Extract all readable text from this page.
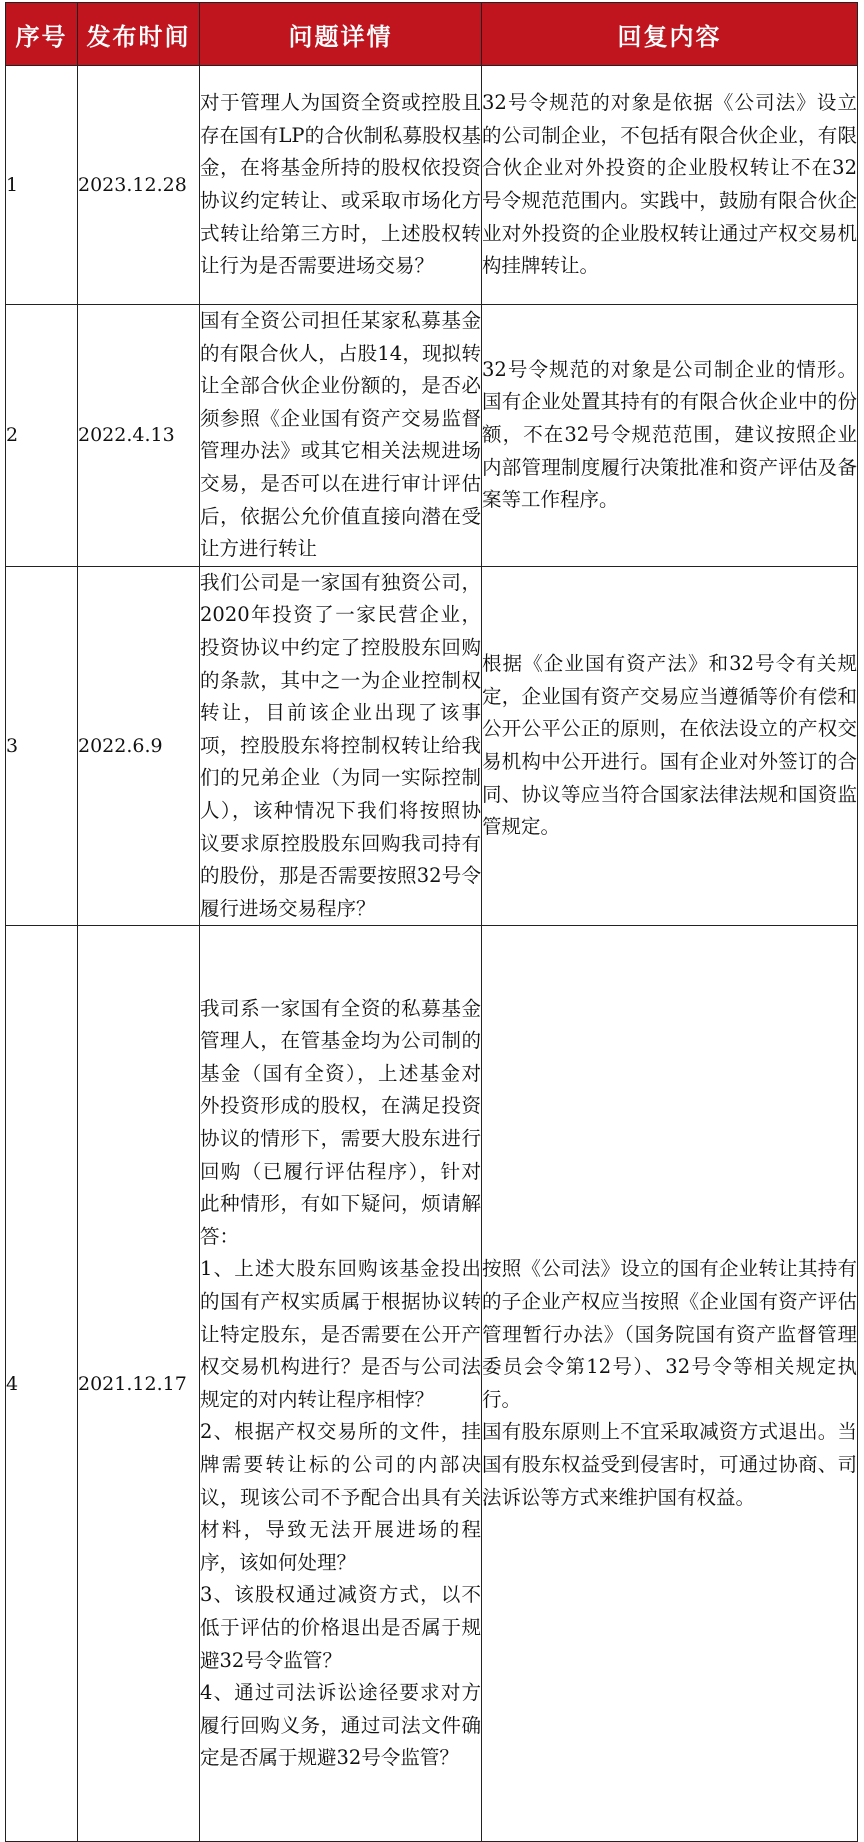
序号	发布时间	问题详情	回复内容
1	2023.12.28	对于管理人为国资全资或控股且存在国有LP的合伙制私募股权基金，在将基金所持的股权依投资协议约定转让、或采取市场化方式转让给第三方时，上述股权转让行为是否需要进场交易？	32号令规范的对象是依据《公司法》设立的公司制企业，不包括有限合伙企业，有限合伙企业对外投资的企业股权转让不在32号令规范范围内。实践中，鼓励有限合伙企业对外投资的企业股权转让通过产权交易机构挂牌转让。

2	2022.4.13	国有全资公司担任某家私募基金的有限合伙人，占股14，现拟转让全部合伙企业份额的，是否必须参照《企业国有资产交易监督管理办法》或其它相关法规进场交易，是否可以在进行审计评估后，依据公允价值直接向潜在受让方进行转让	32号令规范的对象是公司制企业的情形。国有企业处置其持有的有限合伙企业中的份额，不在32号令规范范围，建议按照企业内部管理制度履行决策批准和资产评估及备案等工作程序。

3	2022.6.9	我们公司是一家国有独资公司，2020年投资了一家民营企业，投资协议中约定了控股股东回购的条款，其中之一为企业控制权转让，目前该企业出现了该事项，控股股东将控制权转让给我们的兄弟企业（为同一实际控制人），该种情况下我们将按照协议要求原控股股东回购我司持有的股份，那是否需要按照32号令履行进场交易程序？	根据《企业国有资产法》和32号令有关规定，企业国有资产交易应当遵循等价有偿和公开公平公正的原则，在依法设立的产权交易机构中公开进行。国有企业对外签订的合同、协议等应当符合国家法律法规和国资监管规定。

4	2021.12.17	我司系一家国有全资的私募基金管理人，在管基金均为公司制的基金（国有全资），上述基金对外投资形成的股权，在满足投资协议的情形下，需要大股东进行回购（已履行评估程序），针对此种情形，有如下疑问，烦请解答：
1、上述大股东回购该基金投出的国有产权实质属于根据协议转让特定股东，是否需要在公开产权交易机构进行？是否与公司法规定的对内转让程序相悖？
2、根据产权交易所的文件，挂牌需要转让标的公司的内部决议，现该公司不予配合出具有关材料，导致无法开展进场的程序，该如何处理？
3、该股权通过减资方式，以不低于评估的价格退出是否属于规避32号令监管？
4、通过司法诉讼途径要求对方履行回购义务，通过司法文件确定是否属于规避32号令监管？	按照《公司法》设立的国有企业转让其持有的子企业产权应当按照《企业国有资产评估管理暂行办法》（国务院国有资产监督管理委员会令第12号）、32号令等相关规定执行。
国有股东原则上不宜采取减资方式退出。当国有股东权益受到侵害时，可通过协商、司法诉讼等方式来维护国有权益。
